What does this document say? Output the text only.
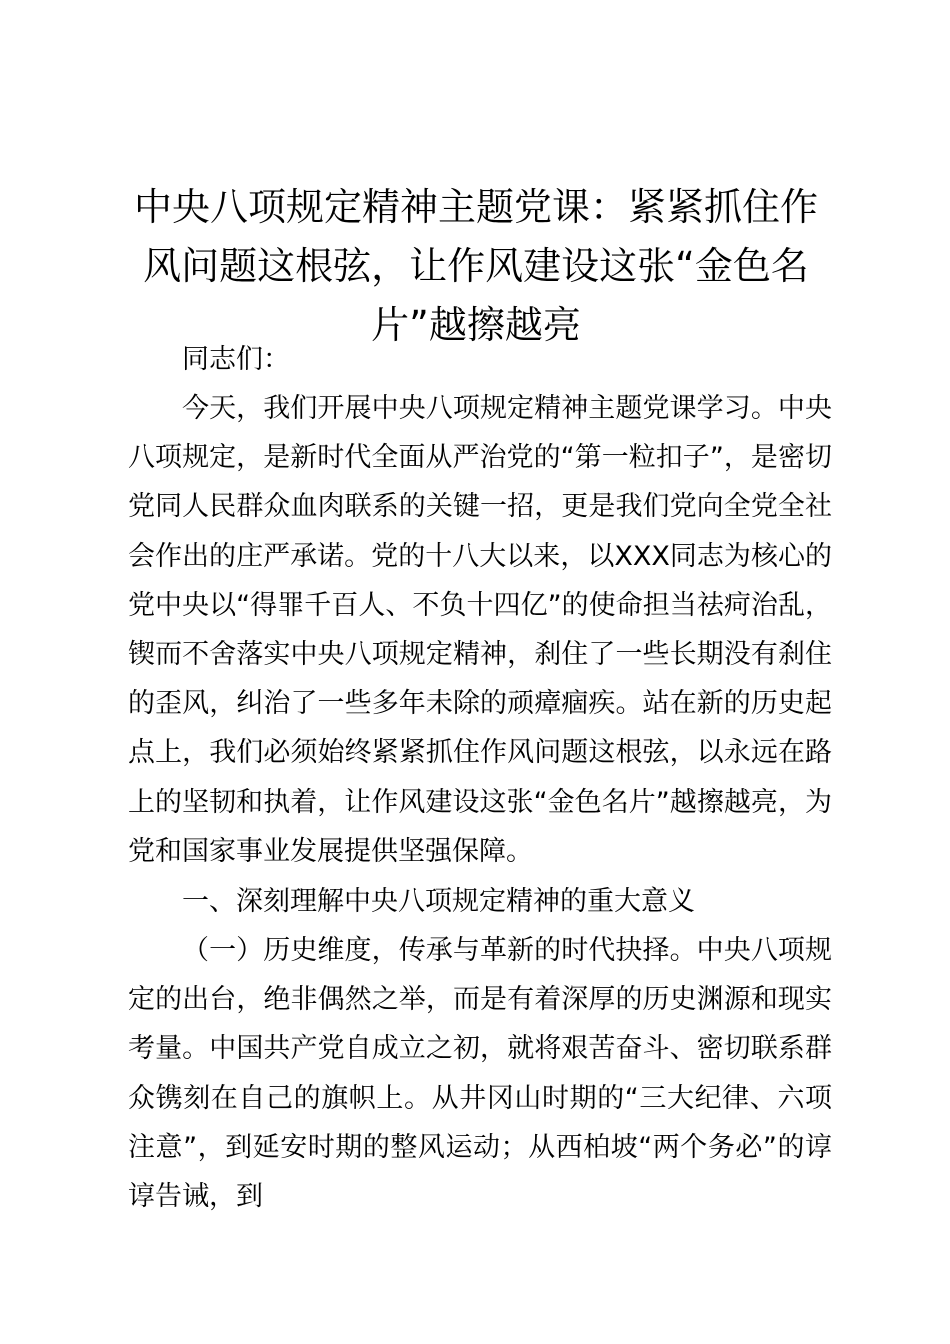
中央八项规定精神主题党课：紧紧抓住作风问题这根弦，让作风建设这张“金色名片”越擦越亮

同志们：

今天，我们开展中央八项规定精神主题党课学习。中央八项规定，是新时代全面从严治党的“第一粒扣子”，是密切党同人民群众血肉联系的关键一招，更是我们党向全党全社会作出的庄严承诺。党的十八大以来，以XXX同志为核心的党中央以“得罪千百人、不负十四亿”的使命担当祛疴治乱，锲而不舍落实中央八项规定精神，刹住了一些长期没有刹住的歪风，纠治了一些多年未除的顽瘴痼疾。站在新的历史起点上，我们必须始终紧紧抓住作风问题这根弦，以永远在路上的坚韧和执着，让作风建设这张“金色名片”越擦越亮，为党和国家事业发展提供坚强保障。

一、深刻理解中央八项规定精神的重大意义

（一）历史维度，传承与革新的时代抉择。中央八项规定的出台，绝非偶然之举，而是有着深厚的历史渊源和现实考量。中国共产党自成立之初，就将艰苦奋斗、密切联系群众镌刻在自己的旗帜上。从井冈山时期的“三大纪律、六项注意”，到延安时期的整风运动；从西柏坡“两个务必”的谆谆告诫，到
